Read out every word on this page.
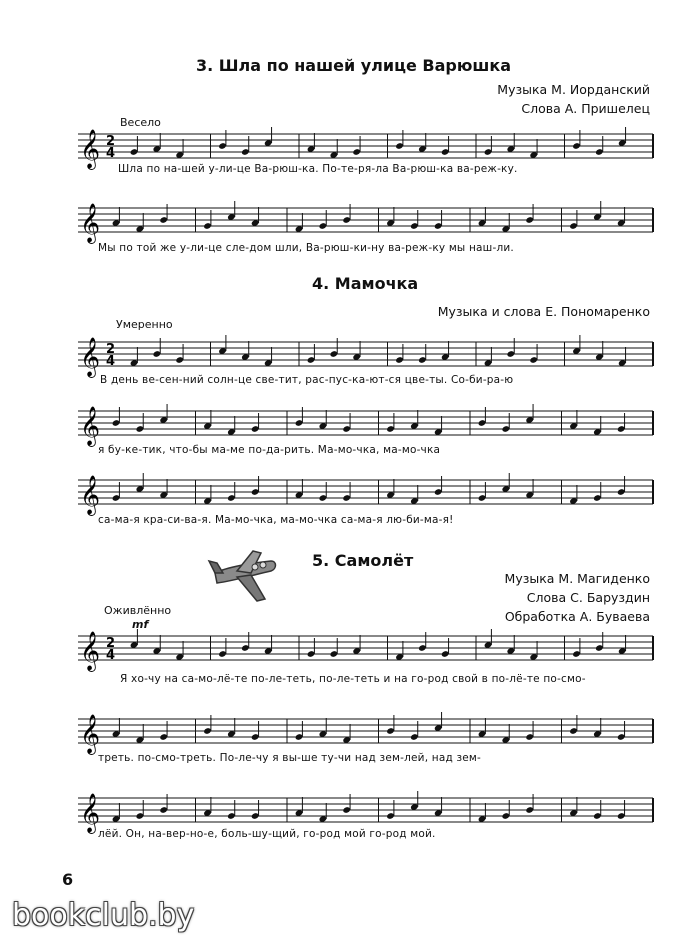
3. Шла по нашей улице Варюшка
Музыка М. Иорданский
Слова А. Пришелец
Весело
𝄞 2
4
Шла по на-шей у-ли-це Ва-рюш-ка. По-те-ря-ла Ва-рюш-ка ва-реж-ку.
𝄞
Мы по той же у-ли-це сле-дом шли, Ва-рюш-ки-ну ва-реж-ку мы наш-ли.
4. Мамочка
Музыка и слова Е. Пономаренко
Умеренно
𝄞 2
4
В день ве-сен-ний солн-це све-тит, рас-пус-ка-ют-ся цве-ты. Со-би-ра-ю
𝄞
я бу-ке-тик, что-бы ма-ме по-да-рить. Ма-мо-чка, ма-мо-чка
𝄞
са-ма-я кра-си-ва-я. Ма-мо-чка, ма-мо-чка са-ма-я лю-би-ма-я!
5. Самолёт
Музыка М. Магиденко
Слова С. Баруздин
Обработка А. Буваева
Оживлённо
mf
𝄞 2
4
Я хо-чу на са-мо-лё-те по-ле-теть, по-ле-теть и на го-род свой в по-лё-те по-смо-
𝄞
треть. по-смо-треть. По-ле-чу я вы-ше ту-чи над зем-лей, над зем-
𝄞
лёй. Он, на-вер-но-е, боль-шу-щий, го-род мой го-род мой.
6
bookclub.by
